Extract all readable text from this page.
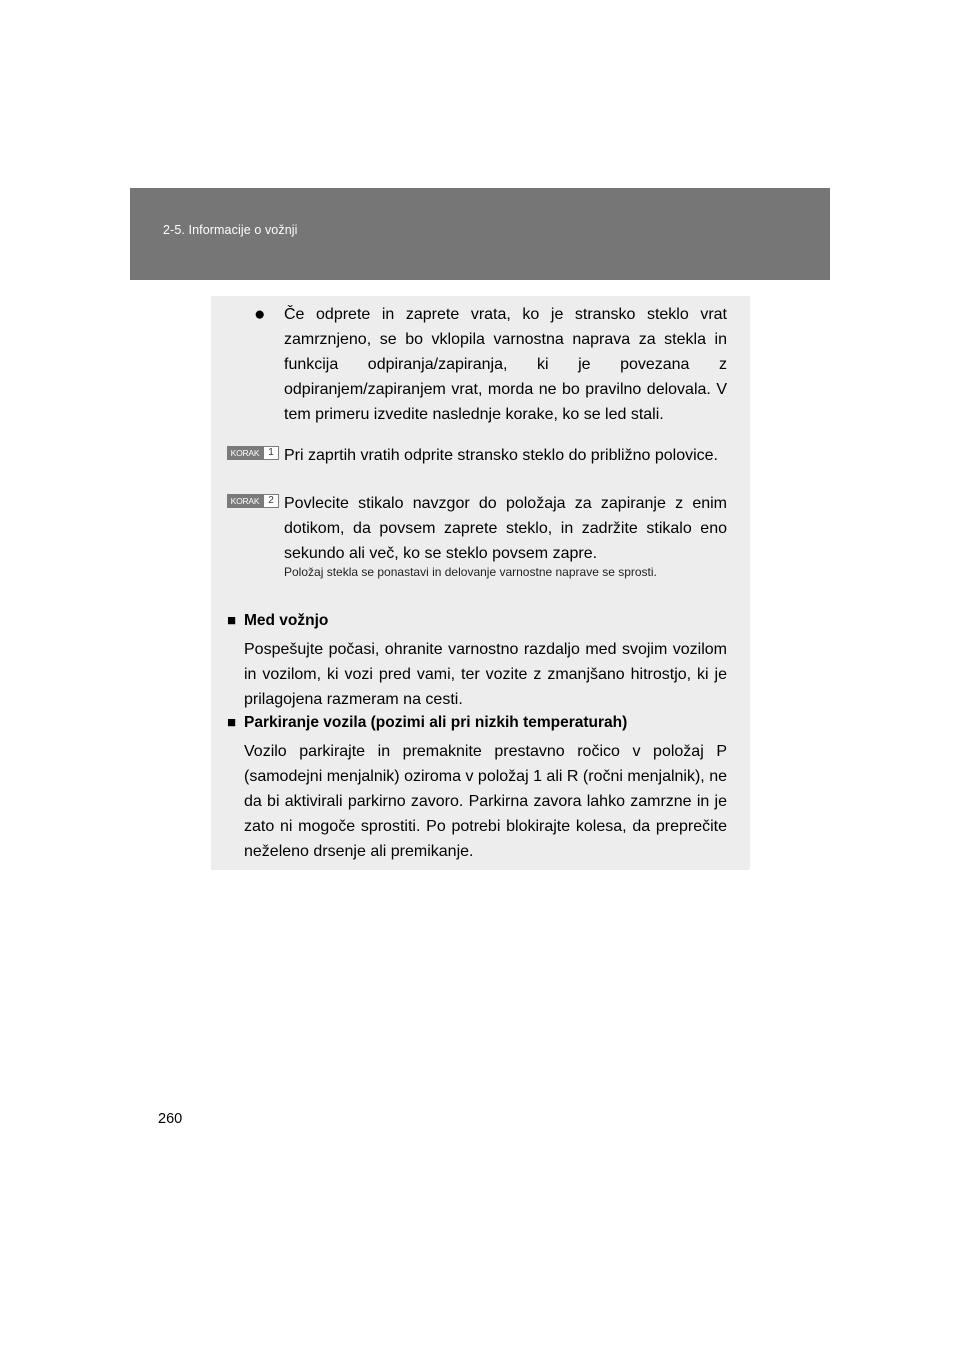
2-5. Informacije o vožnji
● Če odprete in zaprete vrata, ko je stransko steklo vrat zamrznjeno, se bo vklopila varnostna naprava za stekla in funkcija odpiranja/zapiranja, ki je povezana z odpiranjem/zapiranjem vrat, morda ne bo pravilno delovala. V tem primeru izvedite naslednje korake, ko se led stali.
KORAK 1 Pri zaprtih vratih odprite stransko steklo do približno polovice.
KORAK 2 Povlecite stikalo navzgor do položaja za zapiranje z enim dotikom, da povsem zaprete steklo, in zadržite stikalo eno sekundo ali več, ko se steklo povsem zapre.
Položaj stekla se ponastavi in delovanje varnostne naprave se sprosti.
■ Med vožnjo
Pospešujte počasi, ohranite varnostno razdaljo med svojim vozilom in vozilom, ki vozi pred vami, ter vozite z zmanjšano hitrostjo, ki je prilagojena razmeram na cesti.
■ Parkiranje vozila (pozimi ali pri nizkih temperaturah)
Vozilo parkirajte in premaknite prestavno ročico v položaj P (samodejni menjalnik) oziroma v položaj 1 ali R (ročni menjalnik), ne da bi aktivirali parkirno zavoro. Parkirna zavora lahko zamrzne in je zato ni mogoče sprostiti. Po potrebi blokirajte kolesa, da preprečite neželeno drsenje ali premikanje.
260
